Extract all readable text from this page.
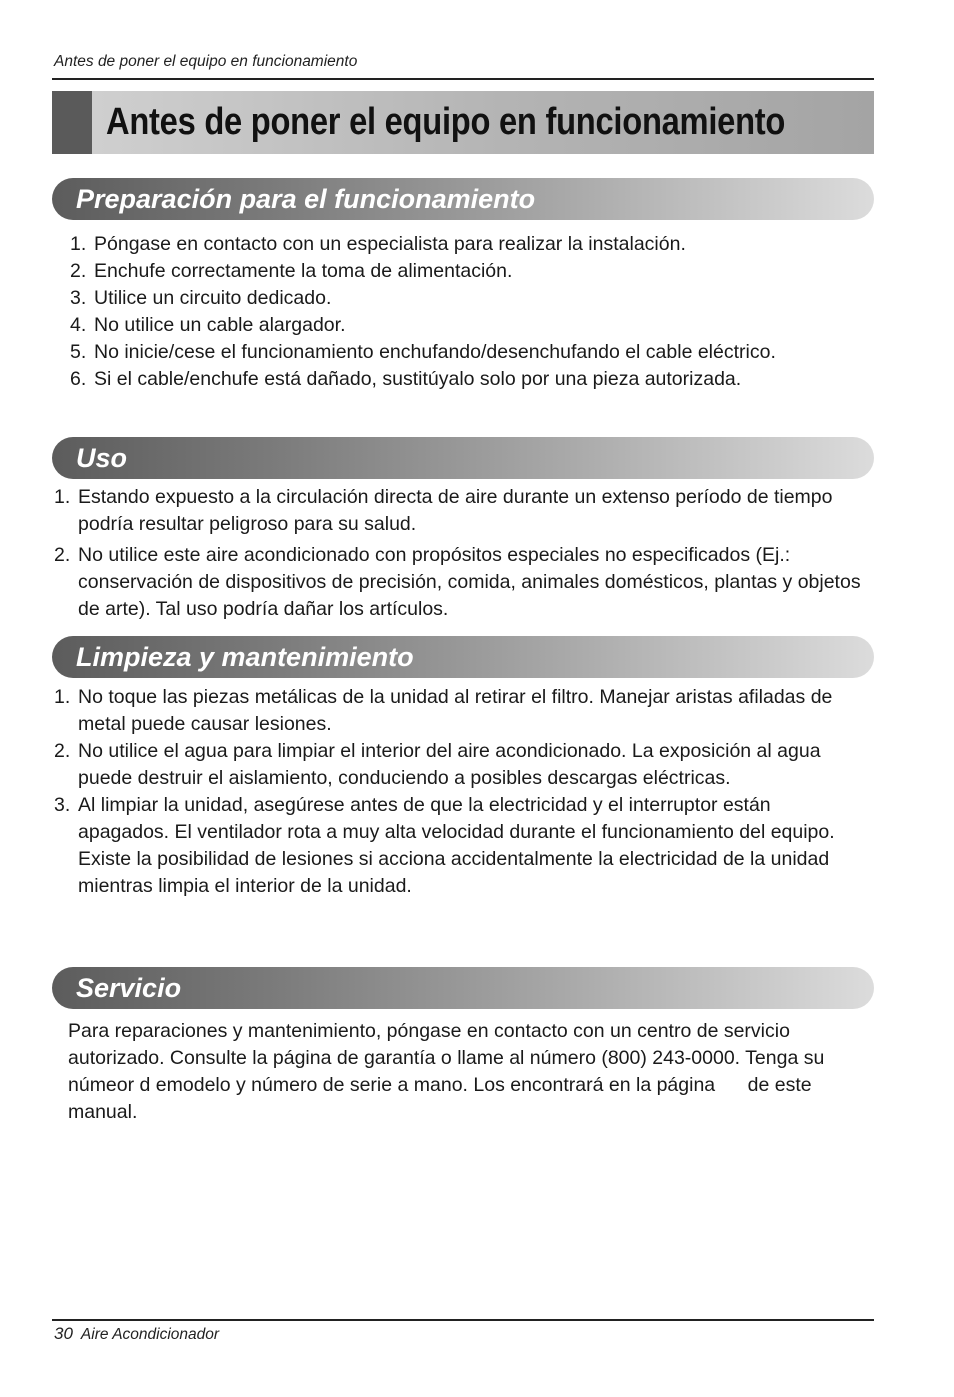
Antes de poner el equipo en funcionamiento
Antes de poner el equipo en funcionamiento
Preparación para el funcionamiento
1. Póngase en contacto con un especialista para realizar la instalación.
2. Enchufe correctamente la toma de alimentación.
3. Utilice un circuito dedicado.
4. No utilice un cable alargador.
5. No inicie/cese el funcionamiento enchufando/desenchufando el cable eléctrico.
6. Si el cable/enchufe está dañado, sustitúyalo solo por una pieza autorizada.
Uso
1. Estando expuesto a la circulación directa de aire durante un extenso período de tiempo podría resultar peligroso para su salud.
2. No utilice este aire acondicionado con propósitos especiales no especificados (Ej.: conservación de dispositivos de precisión, comida, animales domésticos, plantas y objetos de arte). Tal uso podría dañar los artículos.
Limpieza y mantenimiento
1. No toque las piezas metálicas de la unidad al retirar el filtro. Manejar aristas afiladas de metal puede causar lesiones.
2. No utilice el agua para limpiar el interior del aire acondicionado. La exposición al agua puede destruir el aislamiento, conduciendo a posibles descargas eléctricas.
3. Al limpiar la unidad, asegúrese antes de que la electricidad y el interruptor están apagados. El ventilador rota a muy alta velocidad durante el funcionamiento del equipo. Existe la posibilidad de lesiones si acciona accidentalmente la electricidad de la unidad mientras limpia el interior de la unidad.
Servicio
Para reparaciones y mantenimiento, póngase en contacto con un centro de servicio autorizado. Consulte la página de garantía o llame al número (800) 243-0000. Tenga su númeor d emodelo y número de serie a mano. Los encontrará en la página      de este manual.
30 Aire Acondicionador
